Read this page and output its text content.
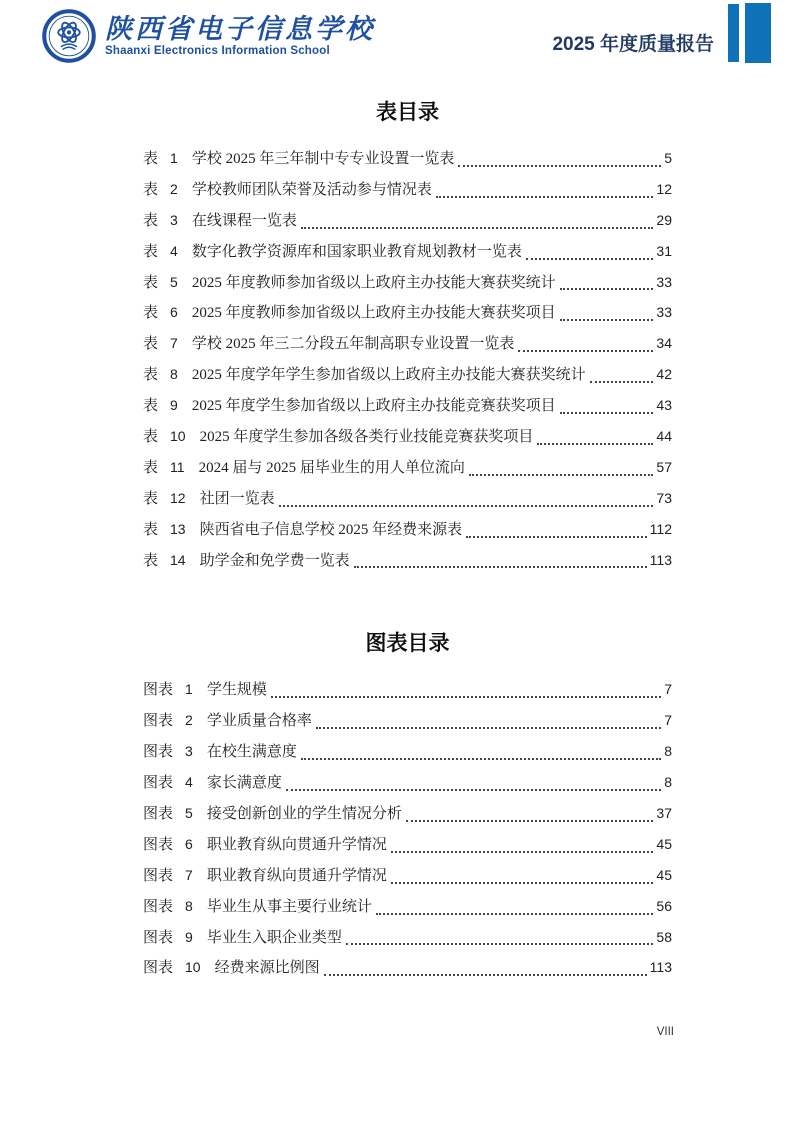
陕西省电子信息学校
Shaanxi Electronics Information School	2025 年度质量报告
表目录
表 1 学校 2025 年三年制中专专业设置一览表	5
表 2 学校教师团队荣誉及活动参与情况表	12
表 3 在线课程一览表	29
表 4 数字化教学资源库和国家职业教育规划教材一览表	31
表 5 2025 年度教师参加省级以上政府主办技能大赛获奖统计	33
表 6 2025 年度教师参加省级以上政府主办技能大赛获奖项目	33
表 7 学校 2025 年三二分段五年制高职专业设置一览表	34
表 8 2025 年度学年学生参加省级以上政府主办技能大赛获奖统计	42
表 9 2025 年度学生参加省级以上政府主办技能竞赛获奖项目	43
表 10 2025 年度学生参加各级各类行业技能竞赛获奖项目	44
表 11 2024 届与 2025 届毕业生的用人单位流向	57
表 12 社团一览表	73
表 13 陕西省电子信息学校 2025 年经费来源表	112
表 14 助学金和免学费一览表	113
图表目录
图表 1 学生规模	7
图表 2 学业质量合格率	7
图表 3 在校生满意度	8
图表 4 家长满意度	8
图表 5 接受创新创业的学生情况分析	37
图表 6 职业教育纵向贯通升学情况	45
图表 7 职业教育纵向贯通升学情况	45
图表 8 毕业生从事主要行业统计	56
图表 9 毕业生入职企业类型	58
图表 10 经费来源比例图	113
VIII
